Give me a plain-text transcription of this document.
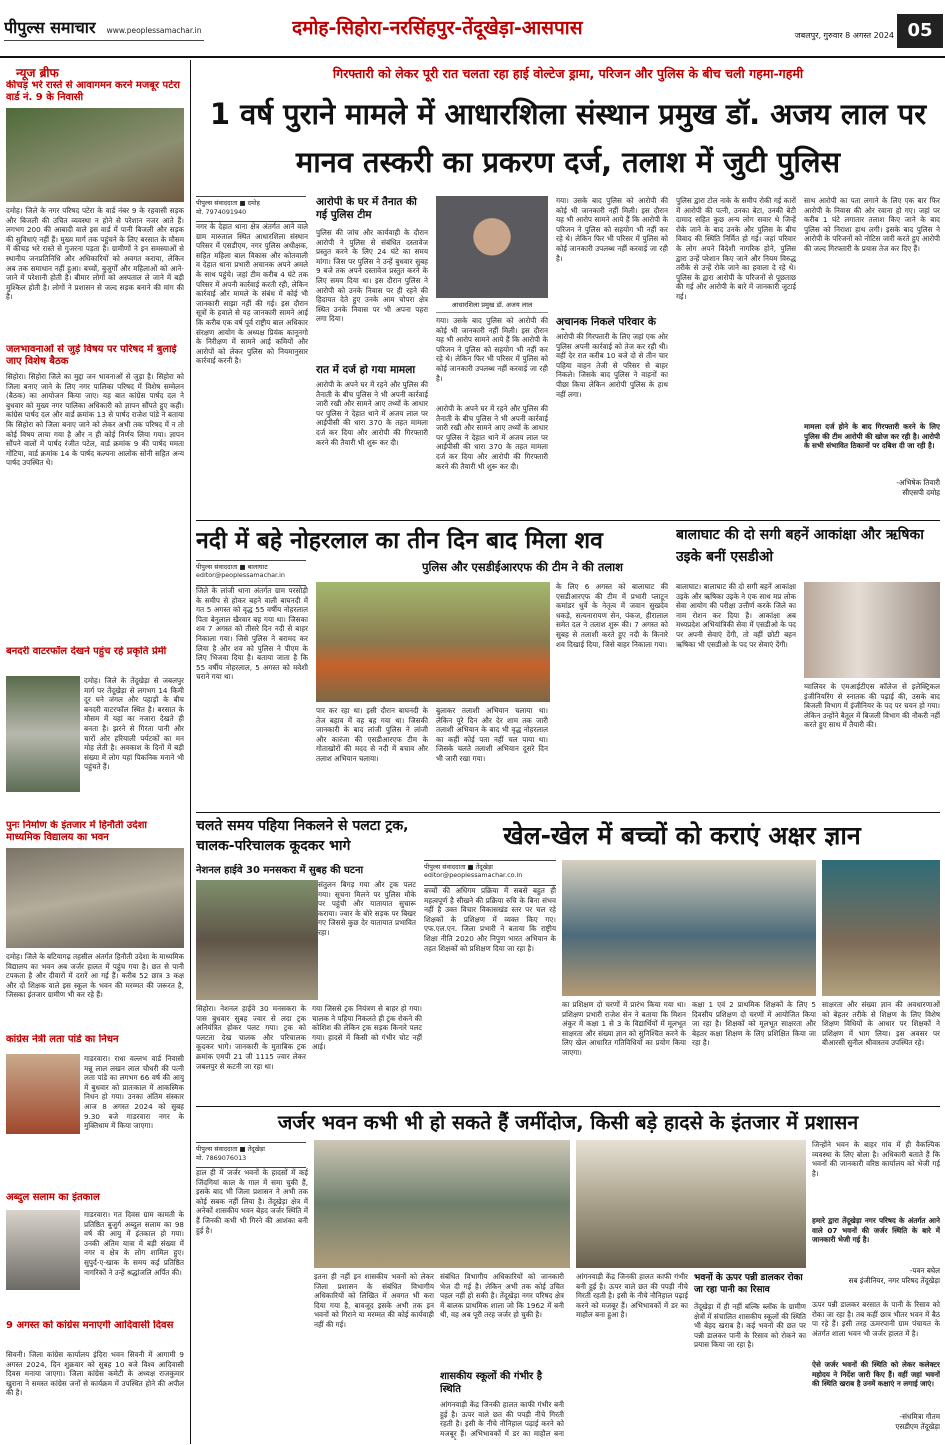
पीपुल्स समाचार www.peoplessamachar.in	दमोह-सिहोरा-नरसिंहपुर-तेंदूखेड़ा-आसपास	जबलपुर, गुरुवार 8 अगस्त 2024 05
न्यूज ब्रीफ
कीचड़ भरे रास्ते से आवागमन करने मजबूर पटेरा वार्ड नं. 9 के निवासी
दमोह। जिले के नगर परिषद पटेरा के वार्ड नंबर 9 के रहवासी सड़क और बिजली की उचित व्यवस्था न होने से परेशान नजर आते हैं। लगभग 200 की आबादी वाले इस वार्ड में पानी बिजली और सड़क की सुविधाएं नहीं हैं। मुख्य मार्ग तक पहुंचने के लिए बरसात के मौसम में कीचड़ भरे रास्ते से गुजरना पड़ता है। ग्रामीणों ने इन समस्याओं से स्थानीय जनप्रतिनिधि और अधिकारियों को अवगत कराया, लेकिन अब तक समाधान नहीं हुआ। बच्चों, बुजुर्गों और महिलाओं को आने-जाने में परेशानी होती है। बीमार लोगों को अस्पताल ले जाने में बड़ी मुश्किल होती है। लोगों ने प्रशासन से जल्द सड़क बनाने की मांग की है।
जलभावनाओं से जुड़े विषय पर परिषद में बुलाई जाए विशेष बैठक
सिहोरा। सिहोरा जिले का मुद्दा जन भावनाओं से जुड़ा है। सिहोरा को जिला बनाए जाने के लिए नगर पालिका परिषद में विशेष सम्मेलन (बैठक) का आयोजन किया जाए। यह बात कांग्रेस पार्षद दल ने बुधवार को मुख्य नगर पालिका अधिकारी को ज्ञापन सौंपते हुए कही। कांग्रेस पार्षद दल और वार्ड क्रमांक 13 से पार्षद राजेश पांडे ने बताया कि सिहोरा को जिला बनाए जाने को लेकर अभी तक परिषद में न तो कोई विषय लाया गया है और न ही कोई निर्णय लिया गया। ज्ञापन सौंपने वालों में पार्षद रंजीत पटेल, वार्ड क्रमांक 9 की पार्षद ममता गोंटिया, वार्ड क्रमांक 14 के पार्षद कल्पना आलोक सोनी सहित अन्य पार्षद उपस्थित थे।
बनदरी वाटरफॉल देखने पहुंच रहे प्रकृति प्रेमी
दमोह। जिले के तेंदूखेड़ा से जबलपुर मार्ग पर तेंदूखेड़ा से लगभग 14 किमी दूर घने जंगल और पहाड़ों के बीच बनदरी वाटरफॉल स्थित है। बरसात के मौसम में यहां का नजारा देखते ही बनता है। झरने से गिरता पानी और चारों ओर हरियाली पर्यटकों का मन मोह लेती है। अवकाश के दिनों में बड़ी संख्या में लोग यहां पिकनिक मनाने भी पहुंचते हैं।
पुनः निर्माण के इंतजार में हिनौती उदेशा माध्यमिक विद्यालय का भवन
दमोह। जिले के बटियागढ़ तहसील अंतर्गत हिनौती उदेशा के माध्यमिक विद्यालय का भवन अब जर्जर हालत में पहुंच गया है। छत से पानी टपकता है और दीवारों में दरारें आ गई हैं। करीब 52 छात्र 3 कक्ष और दो शिक्षक वाले इस स्कूल के भवन की मरम्मत की जरूरत है, जिसका इंतजार ग्रामीण भी कर रहे हैं।
कांग्रेस नेत्री लता पांडे का निधन
गाडरवारा। राधा वल्लभ वार्ड निवासी मन्नू लाल लखन लाल चौधरी की पत्नी लता पांडे का लगभग 66 वर्ष की आयु में बुधवार को प्रातःकाल में आकस्मिक निधन हो गया। उनका अंतिम संस्कार आज 8 अगस्त 2024 को सुबह 9.30 बजे गाडरवारा नगर के मुक्तिधाम में किया जाएगा।
अब्दुल सलाम का इंतकाल
गाडरवारा। गत दिवस ग्राम कामती के प्रतिष्ठित बुजुर्ग अब्दुल सलाम का 98 वर्ष की आयु में इंतकाल हो गया। उनकी अंतिम यात्रा में बड़ी संख्या में नगर व क्षेत्र के लोग शामिल हुए। सुपुर्द-ए-खाक के समय कई प्रतिष्ठित नागरिकों ने उन्हें श्रद्धांजलि अर्पित की।
9 अगस्त को कांग्रेस मनाएगी आदिवासी दिवस
सिवनी। जिला कांग्रेस कार्यालय इंदिरा भवन सिवनी में आगामी 9 अगस्त 2024, दिन शुक्रवार को सुबह 10 बजे विश्व आदिवासी दिवस मनाया जाएगा। जिला कांग्रेस कमेटी के अध्यक्ष राजकुमार खुराना ने समस्त कांग्रेस जनों से कार्यक्रम में उपस्थित होने की अपील की है।
गिरफ्तारी को लेकर पूरी रात चलता रहा हाई वोल्टेज ड्रामा, परिजन और पुलिस के बीच चली गहमा-गहमी
1 वर्ष पुराने मामले में आधारशिला संस्थान प्रमुख डॉ. अजय लाल पर मानव तस्करी का प्रकरण दर्ज, तलाश में जुटी पुलिस
पीपुल्स संवाददाता ■ दमोह
मो. 7974091940
नगर के देहात थाना क्षेत्र अंतर्गत आने वाले ग्राम मारुताल स्थित आधारशिला संस्थान परिसर में एसडीएम, नगर पुलिस अधीक्षक, सहित महिला बाल विकास और कोतवाली व देहात थाना प्रभारी अचानक अपने अमले के साथ पहुंचे। जहां टीम करीब 4 घंटे तक परिसर में अपनी कार्रवाई करती रही, लेकिन कार्रवाई और मामले के संबंध में कोई भी जानकारी साझा नहीं की गई। इस दौरान सूत्रों के हवाले से यह जानकारी सामने आई कि करीब एक वर्ष पूर्व राष्ट्रीय बाल अधिकार संरक्षण आयोग के अध्यक्ष प्रियंक कानूनगो के निरीक्षण में सामने आई कमियों और आरोपों को लेकर पुलिस को नियमानुसार कार्रवाई करनी है।
आरोपी के घर में तैनात की गई पुलिस टीम
पुलिस की जांच और कार्यवाही के दौरान आरोपी ने पुलिस से संबंधित दस्तावेज प्रस्तुत करने के लिए 24 घंटे का समय मांगा। जिस पर पुलिस ने उन्हें बुधवार सुबह 9 बजे तक अपने दस्तावेज प्रस्तुत करने के लिए समय दिया था। इस दौरान पुलिस ने आरोपी को उनके निवास पर ही रहने की हिदायत देते हुए उनके आम चोपरा क्षेत्र स्थित उनके निवास पर भी अपना पहरा लगा दिया।
रात में दर्ज हो गया मामला
आरोपी के अपने घर में रहने और पुलिस की तैनाती के बीच पुलिस ने भी अपनी कार्रवाई जारी रखी और सामने आए तथ्यों के आधार पर पुलिस ने देहात थाने में अजय लाल पर आईपीसी की धारा 370 के तहत मामला दर्ज कर दिया और आरोपी की गिरफ्तारी करने की तैयारी भी शुरू कर दी।
आधारशिला प्रमुख डॉ. अजय लाल
गया। उसके बाद पुलिस को आरोपी की कोई भी जानकारी नहीं मिली। इस दौरान यह भी आरोप सामने आये हैं कि आरोपी के परिजन ने पुलिस को सहयोग भी नहीं कर रहे थे। लेकिन फिर भी परिसर में पुलिस को कोई जानकारी उपलब्ध नहीं करवाई जा रही है।
गया। उसके बाद पुलिस को आरोपी की कोई भी जानकारी नहीं मिली। इस दौरान यह भी आरोप सामने आये हैं कि आरोपी के परिजन ने पुलिस को सहयोग भी नहीं कर रहे थे। लेकिन फिर भी परिसर में पुलिस को कोई जानकारी उपलब्ध नहीं करवाई जा रही है।
अचानक निकले परिवार के
आरोपी की गिरफ्तारी के लिए जहां एक ओर पुलिस अपनी कार्रवाई को तेज कर रही थी। वहीं देर रात करीब 10 बजे दो से तीन चार पहिया वाहन तेजी से परिसर से बाहर निकले। जिसके बाद पुलिस ने वाहनों का पीछा किया लेकिन आरोपी पुलिस के हाथ नहीं लगा।
आरोपी के अपने घर में रहने और पुलिस की तैनाती के बीच पुलिस ने भी अपनी कार्रवाई जारी रखी और सामने आए तथ्यों के आधार पर पुलिस ने देहात थाने में अजय लाल पर आईपीसी की धारा 370 के तहत मामला दर्ज कर दिया और आरोपी की गिरफ्तारी करने की तैयारी भी शुरू कर दी।
पुलिस द्वारा टोल नाके के समीप रोकी गई कारों में आरोपी की पत्नी, उनका बेटा, उनकी बेटी दामाद सहित कुछ अन्य लोग सवार थे जिन्हें रोके जाने के बाद उनके और पुलिस के बीच विवाद की स्थिति निर्मित हो गई। जहां परिवार के लोग अपने विदेशी नागरिक होने, पुलिस द्वारा उन्हें परेशान किए जाने और नियम विरुद्ध तरीके से उन्हें रोके जाने का हवाला दे रहे थे। पुलिस के द्वारा आरोपी के परिजनों से पूछताछ की गई और आरोपी के बारे में जानकारी जुटाई गई।
साथ आरोपी का पता लगाने के लिए एक बार फिर आरोपी के निवास की ओर रवाना हो गए। जहां पर करीब 1 घंटे लगातार तलाश किए जाने के बाद पुलिस को निराशा हाथ लगी। इसके बाद पुलिस ने आरोपी के परिजनों को नोटिस जारी करते हुए आरोपी की जल्द गिरफ्तारी के प्रयास तेज कर दिए हैं।
मामला दर्ज होने के बाद गिरफ्तारी करने के लिए पुलिस की टीम आरोपी की खोज कर रही है। आरोपी के सभी संभावित ठिकानों पर दबिश दी जा रही है।
-अभिषेक तिवारी
सीएसपी दमोह
नदी में बहे नोहरलाल का तीन दिन बाद मिला शव
पुलिस और एसडीईआरएफ की टीम ने की तलाश
पीपुल्स संवाददाता ■ बालाघाट
editor@peoplessamachar.in
जिले के लांजी थाना अंतर्गत ग्राम परसोड़ी के समीप से होकर बहने वाली बाघनदी में गत 5 अगस्त को वृद्ध 55 वर्षीय नोहरलाल पिता बेनुलाल खैरवार बह गया था। जिसका शव 7 अगस्त को तीसरे दिन नदी से बाहर निकाला गया। जिसे पुलिस ने बरामद कर लिया है और शव को पुलिस ने पीएम के लिए भिजवा दिया है। बताया जाता है कि 55 वर्षीय नोहरलाल, 5 अगस्त को मवेशी चराने गया था।
पार कर रहा था। इसी दौरान बाघनदी के तेज बहाव में वह बह गया था। जिसकी जानकारी के बाद लांजी पुलिस ने लांजी और कारंजा की एसडीआरएफ टीम के गोताखोरों की मदद से नदी में बचाव और तलाश अभियान चलाया।
बुलाकर तलाशी अभियान चलाया था। लेकिन पूरे दिन और देर शाम तक जारी तलाशी अभियान के बाद भी वृद्ध नोहरलाल का कहीं कोई पता नहीं चल पाया था। जिसके चलते तलाशी अभियान दूसरे दिन भी जारी रखा गया।
के लिए 6 अगस्त को बालाघाट की एसडीआरएफ की टीम में प्रभारी प्लाटून कमांडर धुर्वे के नेतृत्व में जवान सुखदेव धकड़े, सत्यनारायण सेन, पंकज, हीरालाल समेत दल ने तलाश शुरू की। 7 अगस्त को सुबह से तलाशी करते हुए नदी के किनारे शव दिखाई दिया, जिसे बाहर निकाला गया।
बालाघाट की दो सगी बहनें आकांक्षा और ऋषिका उइके बनीं एसडीओ
बालाघाट। बालाघाट की दो सगी बहनें आकांक्षा उइके और ऋषिका उइके ने एक साथ मप्र लोक सेवा आयोग की परीक्षा उत्तीर्ण करके जिले का नाम रोशन कर दिया है। आकांक्षा अब मध्यप्रदेश अभियांत्रिकी सेवा में एसडीओ के पद पर अपनी सेवाएं देंगी, तो वहीं छोटी बहन ऋषिका भी एसडीओ के पद पर सेवाएं देंगी।
ग्वालियर के एमआईटीएस कॉलेज से इलेक्ट्रिकल इंजीनियरिंग से स्नातक की पढ़ाई की, उसके बाद बिजली विभाग में इंजीनियर के पद पर चयन हो गया। लेकिन उन्होंने बैतूल में बिजली विभाग की नौकरी नहीं करते हुए साथ में तैयारी की।
चलते समय पहिया निकलने से पलटा ट्रक, चालक-परिचालक कूदकर भागे
नेशनल हाईवे 30 मनसकरा में सुबह की घटना
सिहोरा। नेशनल हाईवे 30 मनसकरा के पास बुधवार सुबह ज्वार से लदा ट्रक अनियंत्रित होकर पलट गया। ट्रक को पलटता देख चालक और परिचालक कूदकर भागे। जानकारी के मुताबिक ट्रक क्रमांक एमपी 21 जी 1115 ज्वार लेकर जबलपुर से कटनी जा रहा था।
गया जिससे ट्रक नियंत्रण से बाहर हो गया। चालक ने पहिया निकलते ही ट्रक रोकने की कोशिश की लेकिन ट्रक सड़क किनारे पलट गया। हादसे में किसी को गंभीर चोट नहीं आई।
संतुलन बिगड़ गया और ट्रक पलट गया। सूचना मिलने पर पुलिस मौके पर पहुंची और यातायात सुचारू कराया। ज्वार के बोरे सड़क पर बिखर गए जिससे कुछ देर यातायात प्रभावित रहा।
खेल-खेल में बच्चों को कराएं अक्षर ज्ञान
पीपुल्स संवाददाता ■ तेंदूखेड़ा
editor@peoplessamachar.co.in
बच्चों की अधिगम प्रक्रिया में सबसे बहुत ही महत्वपूर्ण है सीखने की प्रक्रिया रुचि के बिना संभव नहीं है उक्त विचार विकासखंड स्तर पर चल रहे शिक्षकों के प्रशिक्षण में व्यक्त किए गए। एफ.एल.एन. जिला प्रभारी ने बताया कि राष्ट्रीय शिक्षा नीति 2020 और निपुण भारत अभियान के तहत शिक्षकों को प्रशिक्षण दिया जा रहा है।
का प्रशिक्षण दो चरणों में प्रारंभ किया गया था। प्रशिक्षण प्रभारी राजेश सेन ने बताया कि मिशन अंकुर में कक्षा 1 से 3 के विद्यार्थियों में मूलभूत साक्षरता और संख्या ज्ञान को सुनिश्चित करने के लिए खेल आधारित गतिविधियों का प्रयोग किया जाएगा।
कक्षा 1 एवं 2 प्राथमिक शिक्षकों के लिए 5 दिवसीय प्रशिक्षण दो चरणों में आयोजित किया जा रहा है। शिक्षकों को मूलभूत साक्षरता और बेहतर कक्षा शिक्षण के लिए प्रशिक्षित किया जा रहा है।
साक्षरता और संख्या ज्ञान की अवधारणाओं को बेहतर तरीके से शिक्षण के लिए विशेष शिक्षण विधियों के आधार पर शिक्षकों ने प्रशिक्षण में भाग लिया। इस अवसर पर बीआरसी सुनील श्रीवास्तव उपस्थित रहे।
जर्जर भवन कभी भी हो सकते हैं जमींदोज, किसी बड़े हादसे के इंतजार में प्रशासन
पीपुल्स संवाददाता ■ तेंदूखेड़ा
मो. 7869076013
हाल ही में जर्जर भवनों के हादसों में कई जिंदगियां काल के गाल में समा चुकी हैं, इसके बाद भी जिला प्रशासन ने अभी तक कोई सबक नहीं लिया है। तेंदूखेड़ा क्षेत्र में अनेकों शासकीय भवन बेहद जर्जर स्थिति में हैं जिनकी कभी भी गिरने की आशंका बनी हुई है।
इतना ही नहीं इन शासकीय भवनों को लेकर जिला प्रशासन के संबंधित विभागीय अधिकारियों को लिखित में अवगत भी करा दिया गया है, बावजूद इसके अभी तक इन भवनों को गिराने या मरम्मत की कोई कार्यवाही नहीं की गई।
संबंधित विभागीय अधिकारियों को जानकारी भेज दी गई है। लेकिन अभी तक कोई उचित पहल नहीं हो सकी है। तेंदूखेड़ा नगर परिषद क्षेत्र में बालक प्राथमिक शाला जो कि 1962 में बनी थी, वह अब पूरी तरह जर्जर हो चुकी है।
शासकीय स्कूलों की गंभीर है स्थिति
आंगनवाड़ी केंद्र जिनकी हालत काफी गंभीर बनी हुई है। ऊपर वाले छत की पपड़ी नीचे गिरती रहती है। इसी के नीचे नौनिहाल पढ़ाई करने को मजबूर हैं। अभिभावकों में डर का माहौल बना
आंगनवाड़ी केंद्र जिनकी हालत काफी गंभीर बनी हुई है। ऊपर वाले छत की पपड़ी नीचे गिरती रहती है। इसी के नीचे नौनिहाल पढ़ाई करने को मजबूर हैं। अभिभावकों में डर का माहौल बना हुआ है।
भवनों के ऊपर पन्नी डालकर रोका जा रहा पानी का रिसाव
तेंदूखेड़ा में ही नहीं बल्कि ब्लॉक के ग्रामीण क्षेत्रों में संचालित शासकीय स्कूलों की स्थिति भी बेहद खराब है। कई भवनों की छत पर पन्नी डालकर पानी के रिसाव को रोकने का प्रयास किया जा रहा है।
ऊपर पन्नी डालकर बरसात के पानी के रिसाव को रोका जा रहा है। तब कहीं छात्र भीतर भवन में बैठ पा रहे हैं। इसी तरह ऊमरपानी ग्राम पंचायत के अंतर्गत शाला भवन भी जर्जर हालत में है।
जिन्होंने भवन के बाहर गांव में ही वैकल्पिक व्यवस्था के लिए बोला है। अधिकारी बताते हैं कि भवनों की जानकारी वरिष्ठ कार्यालय को भेजी गई है।
हमारे द्वारा तेंदूखेड़ा नगर परिषद के अंतर्गत आने वाले 07 भवनों की जर्जर स्थिति के बारे में जानकारी भेजी गई है।
-पवन बघेल
सब इंजीनियर, नगर परिषद तेंदूखेड़ा
ऐसे जर्जर भवनों की स्थिति को लेकर कलेक्टर महोदय ने निर्देश जारी किए हैं। वहीं जहां भवनों की स्थिति खराब है उनमें कक्षाएं न लगाई जाएं।
-संधमित्रा गौतम
एसडीएम तेंदूखेड़ा
